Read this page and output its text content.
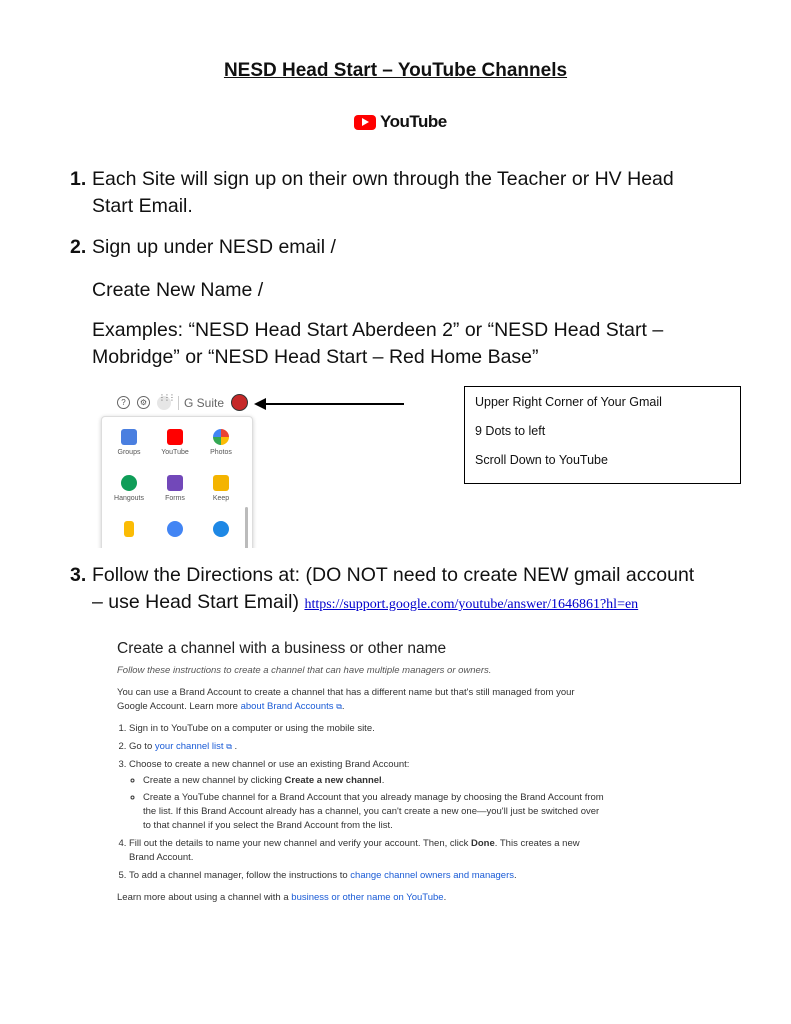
NESD Head Start – YouTube Channels
YouTube
1. Each Site will sign up on their own through the Teacher or HV Head
Start Email.
2. Sign up under NESD email /
Create New Name /
Examples: “NESD Head Start Aberdeen 2” or “NESD Head Start –
Mobridge” or “NESD Head Start – Red Home Base”
?	⚙
⋮⋮⋮	G Suite
Groups	YouTube	Photos
Hangouts	Forms	Keep
Upper Right Corner of Your Gmail
9 Dots to left
Scroll Down to YouTube
3. Follow the Directions at: (DO NOT need to create NEW gmail account
– use Head Start Email) https://support.google.com/youtube/answer/1646861?hl=en
Create a channel with a business or other name
Follow these instructions to create a channel that can have multiple managers or owners.

You can use a Brand Account to create a channel that has a different name but that's still managed from your Google Account. Learn more about Brand Accounts ⧉.

1. Sign in to YouTube on a computer or using the mobile site.
2. Go to your channel list ⧉ .
3. Choose to create a new channel or use an existing Brand Account:
◦ Create a new channel by clicking Create a new channel.
◦ Create a YouTube channel for a Brand Account that you already manage by choosing the Brand Account from the list. If this Brand Account already has a channel, you can't create a new one—you'll just be switched over to that channel if you select the Brand Account from the list.
4. Fill out the details to name your new channel and verify your account. Then, click Done. This creates a new Brand Account.
5. To add a channel manager, follow the instructions to change channel owners and managers.

Learn more about using a channel with a business or other name on YouTube.
